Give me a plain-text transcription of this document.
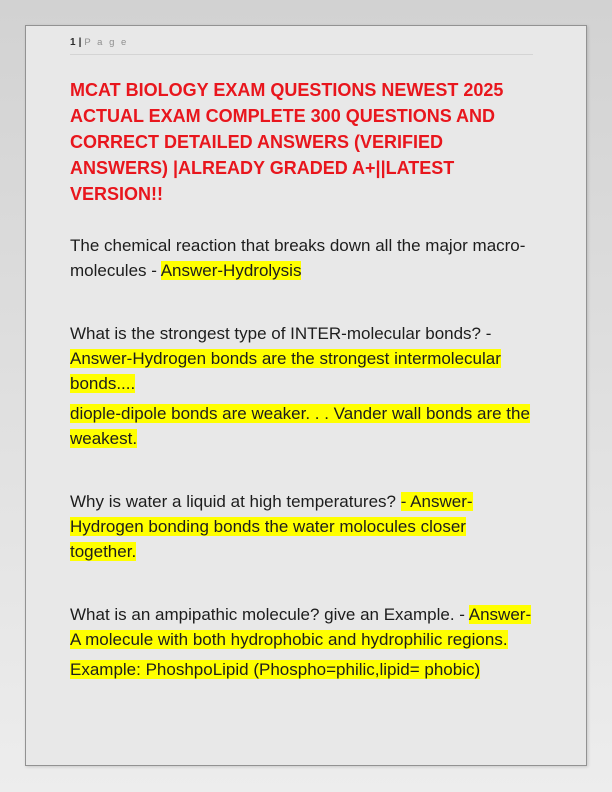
1 | P a g e
MCAT BIOLOGY EXAM QUESTIONS NEWEST 2025 ACTUAL EXAM COMPLETE 300 QUESTIONS AND CORRECT DETAILED ANSWERS (VERIFIED ANSWERS) |ALREADY GRADED A+||LATEST VERSION!!

The chemical reaction that breaks down all the major macro-molecules - Answer-Hydrolysis

What is the strongest type of INTER-molecular bonds? - Answer-Hydrogen bonds are the strongest intermolecular bonds....

diople-dipole bonds are weaker. . . Vander wall bonds are the weakest.

Why is water a liquid at high temperatures? - Answer-Hydrogen bonding bonds the water molocules closer together.

What is an ampipathic molecule? give an Example. - Answer-A molecule with both hydrophobic and hydrophilic regions.

Example: PhoshpoLipid (Phospho=philic,lipid= phobic)
